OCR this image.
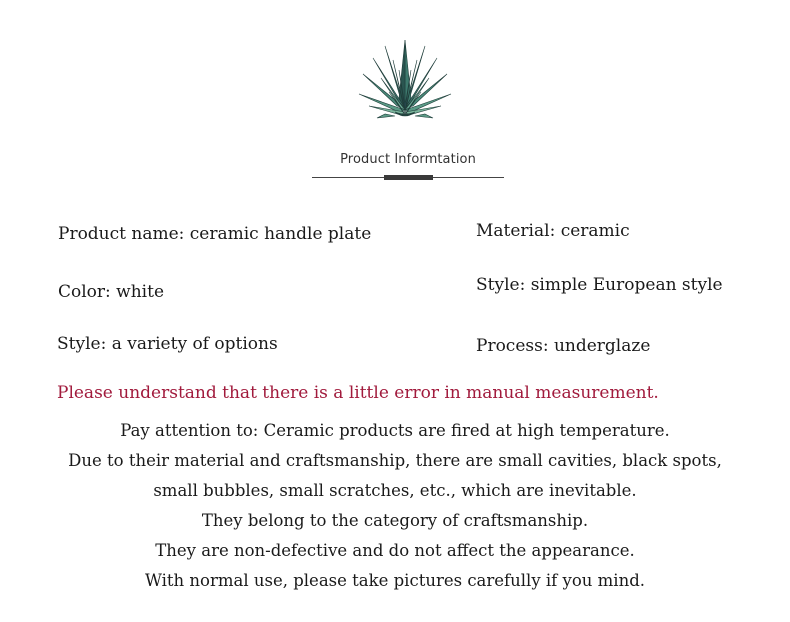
Product Informtation
Product name: ceramic handle plate
Color: white
Style: a variety of options
Material: ceramic
Style: simple European style
Process: underglaze
Please understand that there is a little error in manual measurement.
Pay attention to: Ceramic products are fired at high temperature.
Due to their material and craftsmanship, there are small cavities, black spots,
small bubbles, small scratches, etc., which are inevitable.
They belong to the category of craftsmanship.
They are non-defective and do not affect the appearance.
With normal use, please take pictures carefully if you mind.
